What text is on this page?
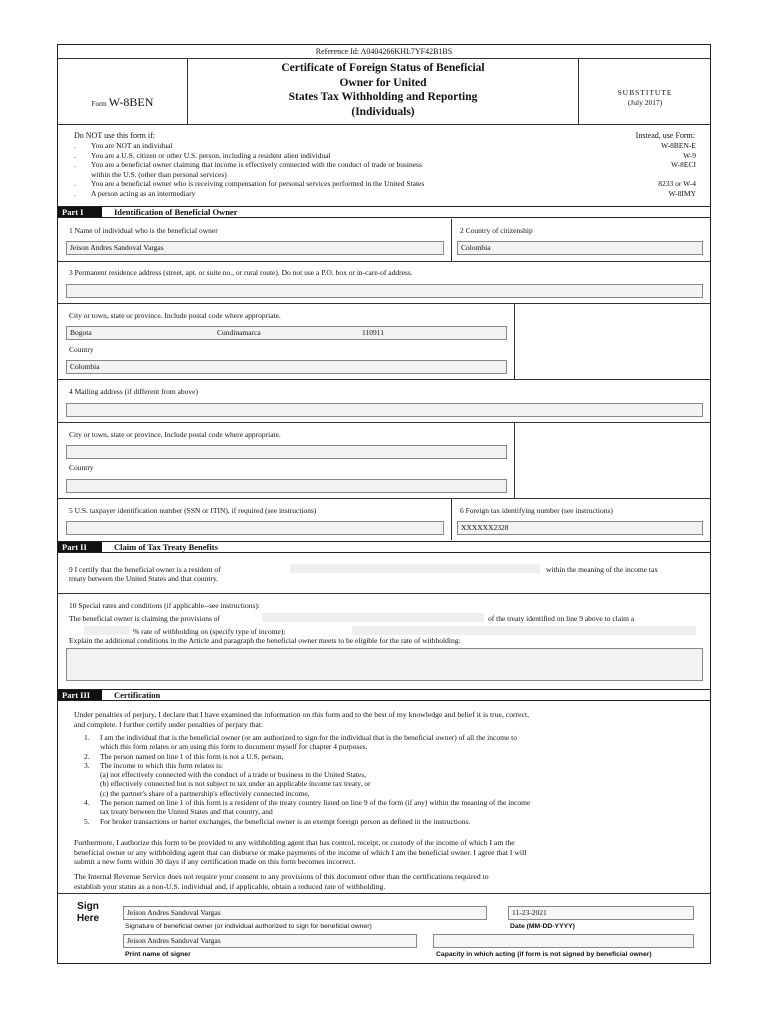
Reference Id: A0404266KHL7YF42B1BS
Form W-8BEN
Certificate of Foreign Status of Beneficial
Owner for United
States Tax Withholding and Reporting
(Individuals)
SUBSTITUTE
(July 2017)
Do NOT use this form if:	Instead, use Form:
. You are NOT an individual	W-8BEN-E
. You are a U.S. citizen or other U.S. person, including a resident alien individual	W-9
. You are a beneficial owner claiming that income is effectively connected with the conduct of trade or business	W-8ECI
within the U.S. (other than personal services)
. You are a beneficial owner who is receiving compensation for personal services performed in the United States	8233 or W-4
. A person acting as an intermediary	W-8IMY
Part I	Identification of Beneficial Owner
1 Name of individual who is the beneficial owner
Jeison Andres Sandoval Vargas
2 Country of citizenship
Colombia
3 Permanent residence address (street, apt. or suite no., or rural route). Do not use a P.O. box or in-care-of address.
City or town, state or province. Include postal code where appropriate.
Bogota	Cundinamarca	110911
Country
Colombia
4 Mailing address (if different from above)
City or town, state or province. Include postal code where appropriate.
Country
5 U.S. taxpayer identification number (SSN or ITIN), if required (see instructions)	6 Foreign tax identifying number (see instructions)
XXXXXX2328
Part II	Claim of Tax Treaty Benefits
9 I certify that the beneficial owner is a resident of	within the meaning of the income tax
treaty between the United States and that country.
10 Special rates and conditions (if applicable--see instructions):
The beneficial owner is claiming the provisions of	of the treaty identified on line 9 above to claim a
% rate of withholding on (specify type of income):
Explain the additional conditions in the Article and paragraph the beneficial owner meets to be eligible for the rate of withholding:
Part III	Certification
Under penalties of perjury, I declare that I have examined the information on this form and to the best of my knowledge and belief it is true, correct,
and complete. I further certify under penalties of perjury that:
1. I am the individual that is the beneficial owner (or am authorized to sign for the individual that is the beneficial owner) of all the income to
which this form relates or am using this form to document myself for chapter 4 purposes,
2. The person named on line 1 of this form is not a U.S. person,
3. The income to which this form relates is:
(a) not effectively connected with the conduct of a trade or business in the United States,
(b) effectively connected but is not subject to tax under an applicable income tax treaty, or
(c) the partner's share of a partnership's effectively connected income,
4. The person named on line 1 of this form is a resident of the treaty country listed on line 9 of the form (if any) within the meaning of the income
tax treaty between the United States and that country, and
5. For broker transactions or barter exchanges, the beneficial owner is an exempt foreign person as defined in the instructions.
Furthermore, I authorize this form to be provided to any withholding agent that has control, receipt, or custody of the income of which I am the
beneficial owner or any withholding agent that can disburse or make payments of the income of which I am the beneficial owner. I agree that I will
submit a new form within 30 days if any certification made on this form becomes incorrect.
The Internal Revenue Service does not require your consent to any provisions of this document other than the certifications required to
establish your status as a non-U.S. individual and, if applicable, obtain a reduced rate of withholding.
Sign
Here
Jeison Andres Sandoval Vargas
Signature of beneficial owner (or individual authorized to sign for beneficial owner)
11-23-2021
Date (MM-DD-YYYY)
Jeison Andres Sandoval Vargas
Print name of signer	Capacity in which acting (if form is not signed by beneficial owner)
